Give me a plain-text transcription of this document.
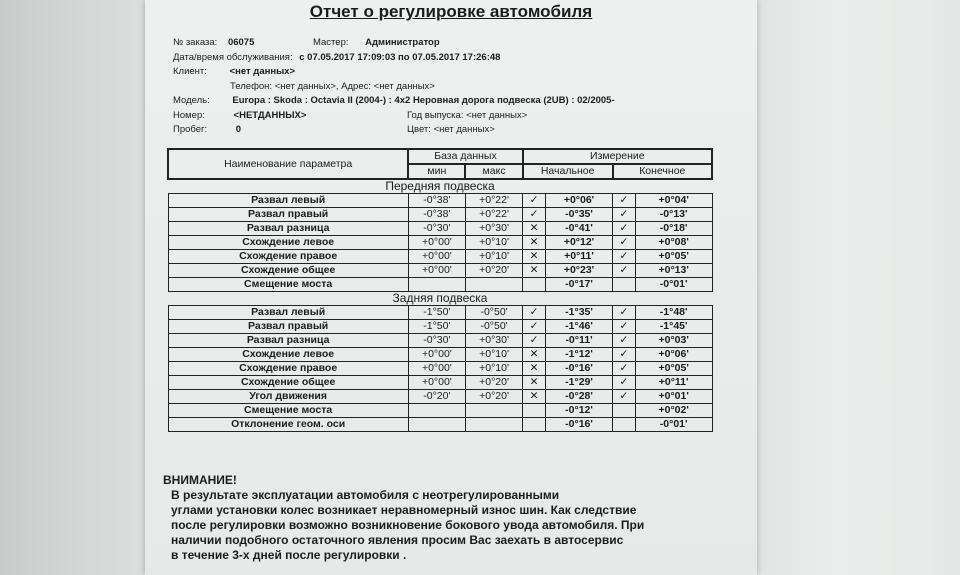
Отчет о регулировке автомобиля
№ заказа: 06075	Мастер: Администратор
Дата/время обслуживания: с 07.05.2017 17:09:03 по 07.05.2017 17:26:48
Клиент: <нет данных>
Телефон: <нет данных>, Адрес: <нет данных>
Модель: Europa : Skoda : Octavia II (2004-) : 4x2 Неровная дорога подвеска (2UB) : 02/2005-
Номер:	<НЕТДАННЫХ>	Год выпуска: <нет данных>
Пробег:	0	Цвет: <нет данных>
Наименование параметра	База данных		Измерение			
	мин	макс	Начальное		Конечное	
Передняя подвеска						
Развал левый	-0°38'	+0°22'	✓	+0°06'	✓	+0°04'
Развал правый	-0°38'	+0°22'	✓	-0°35'	✓	-0°13'
Развал разница	-0°30'	+0°30'	✕	-0°41'	✓	-0°18'
Схождение левое	+0°00'	+0°10'	✕	+0°12'	✓	+0°08'
Схождение правое	+0°00'	+0°10'	✕	+0°11'	✓	+0°05'
Схождение общее	+0°00'	+0°20'	✕	+0°23'	✓	+0°13'
Смещение моста				-0°17'		-0°01'
Задняя подвеска						
Развал левый	-1°50'	-0°50'	✓	-1°35'	✓	-1°48'
Развал правый	-1°50'	-0°50'	✓	-1°46'	✓	-1°45'
Развал разница	-0°30'	+0°30'	✓	-0°11'	✓	+0°03'
Схождение левое	+0°00'	+0°10'	✕	-1°12'	✓	+0°06'
Схождение правое	+0°00'	+0°10'	✕	-0°16'	✓	+0°05'
Схождение общее	+0°00'	+0°20'	✕	-1°29'	✓	+0°11'
Угол движения	-0°20'	+0°20'	✕	-0°28'	✓	+0°01'
Смещение моста				-0°12'		+0°02'
Отклонение геом. оси				-0°16'		-0°01'
ВНИМАНИЕ!
В результате эксплуатации автомобиля с неотрегулированными
углами установки колес возникает неравномерный износ шин. Как следствие
после регулировки возможно возникновение бокового увода автомобиля. При
наличии подобного остаточного явления просим Вас заехать в автосервис
в течение 3-х дней после регулировки .
